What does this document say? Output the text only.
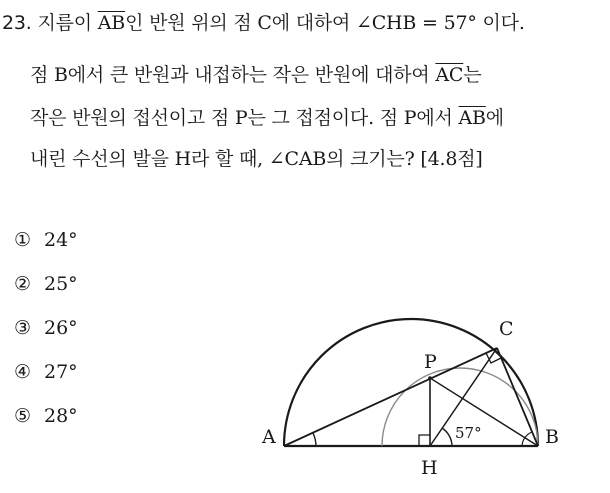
23. 지름이 $\overline{AB}$인 반원 위의 점 C에 대하여 ∠CHB = 57° 이다.
점 B에서 큰 반원과 내접하는 작은 반원에 대하여 $\overline{AC}$는
작은 반원의 접선이고 점 P는 그 접점이다. 점 P에서 $\overline{AB}$에
내린 수선의 발을 H라 할 때, ∠CAB의 크기는? [4.8점]
① 24°
② 25°
③ 26°
④ 27°
⑤ 28°
A	B
C
P
H
57°
